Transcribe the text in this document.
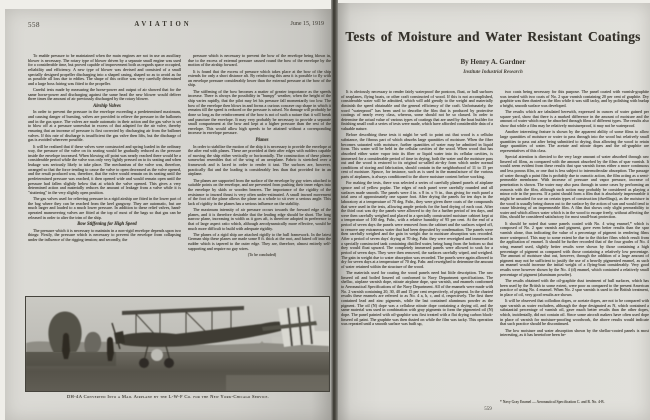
558	AVIATION	June 15, 1919

To enable pressure to be maintained when the main engines are not in use an auxiliary blower is necessary. The rotary type of blower driven by a separate small engine was used for a considerable time, but proved capable of improvement both as regards space occupied, reliability and efficiency. A new type of blower was devised and consisted of a small specially designed propeller discharging into a shaped casing, shaped so as to avoid as far as possible all loss due to eddies. The shape of this orifice was very carefully determined and a large boss fairing was fitted to the propeller.

Careful tests made by measuring the horse-power and output of air showed that for the same horse-power and discharging against the same head the new blower would deliver three times the amount of air previously discharged by the rotary blower.

Airship Valves

In order to prevent the pressure in the envelope exceeding a predetermined maximum, and causing danger of bursting, valves are provided to relieve the pressure in the ballonets and in the gas space. The valves are made automatic in their action and the gas valve is set to blow off at a pressure somewhat in excess of that adapted for the air valve, thereby ensuring that an increase of pressure is first corrected by discharging air from the ballonet valves. If this rate of discharge is insufficient the gas valve then lifts, but the discharge of gas is avoided wherever possible.

It will be realized that if these valves were constructed and spring loaded in the ordinary way, the pressure of the valve on its seating would be gradually reduced as the pressure inside the envelope increased. When blowing off point was nearly reached there would be a considerable period while the valve was only very lightly pressed on to its seating and when leakage was seriously likely to take place. The mechanism of the valve was, therefore, arranged so that the force tending to cause the valve to open decreased as the valve opened, and the result produced was, therefore, that the valve would remain on its seating until the predetermined pressure was reached, it then opened wide and would remain open until the pressure had fallen slightly below that at which the valve opened. This gives a very determined action and materially reduces the amount of leakage from a valve while it is "stuttering" in the very slightly open position.

The gas valves used for relieving pressure in a rigid airship are fitted in the lower part of the bag where they can be reached from the keel gangway. They are automatic, but are much larger and loaded to a much lower pressure. In addition to these relief valves, hand-operated maneuvering valves are fitted at the top of most of the bags so that gas can be released in order to alter the trim of the ship.

Bow Stiffening for High Speed

The pressure which it is necessary to maintain in a non-rigid envelope depends upon two things: Firstly, the pressure which is necessary to prevent the envelope from collapsing under the influence of the rigging tension; and secondly, the

pressure which is necessary to prevent the bow of the envelope being blown in, due to the excess of external pressure caused round the bow of the envelope by the motion of the airship forward.

It is found that the excess of pressure which takes place at the bow of the ship extends for only a short distance aft. By reinforcing this area it is possible to fly with an envelope pressure considerably lower than the external pressure at the bow of the ship.

The stiffening of the bow becomes a matter of greater importance as the speeds increase. There is always the possibility in "bumpy" weather, when the height of the ship varies rapidly, that the pilot may let his pressure fall momentarily too low. The bow of the envelope then blows in and forms a curious concave cup shape in which it remains till the speed is reduced or the pressure is raised. No damage will probably be done so long as the reinforcement of the bow is not of such a nature that it will break and puncture the envelope. It may very probably be necessary to provide a separate small compartment at the bow and kept at a higher pressure than the rest of the envelope. This would allow high speeds to be attained without a corresponding increase in envelope pressure.

Planes

In order to stabilize the motion of the ship it is necessary to provide the envelope at the after end with planes. These are provided at their after edges with rudders capable of moving the ship either vertically or horizontally. The construction of these planes somewhat resembles that of the wing of an aeroplane. Fabric is stretched over a framework and is laced in order to render it taut. The surfaces are, however, practically flat and the loading is considerably less than that provided for in an airplane.

The planes are supported from the surface of the envelope by guy wires attached to suitable points on the envelope, and are prevented from pushing their inner edges into the envelope by skids or wooden bearers. The importance of the rigidity of the resistance to inward thrust is very often under-estimated. A small inward movement of the foot of the plane allows the plane as a whole to sit over a serious angle. This lack of rigidity in the planes has a serious influence on the stability.

The maximum intensity of air pressure occurs towards the forward edge of the planes, and it is therefore desirable that the leading edge should be short. The long narrow plane, increasing in width as it goes aft, is therefore adopted in preference to that of large aspect ratio which, although aerodynamically more effective, would be much more difficult to build with adequate rigidity.

The planes of a rigid ship are attached rigidly to the hull framework. In the latest German ship these planes are made some 8 ft. thick at the root, and faired off into the rudder which is tapered to the outer edge. They are, therefore, almost entirely self-supporting and require no guy wires.

(To be concluded)

DH-4A Converted Into a Mail Airplane by the L-W-F Co. for the New York-Chicago Service.
Tests of Moisture and Water Resistant Coatings
By Henry A. Gardner
Institute Industrial Research

It is obviously necessary to render fairly waterproof the pontoon, float, or hull surfaces of seaplanes, flying boats, or other craft constructed of wood. If this is not accomplished, considerable water will be admitted, which will add greatly to the weight and materially diminish the speed obtainable and the general efficiency of the craft. Unfortunately, the word "waterproof" has been used to describe the film that is produced by protective coatings of nearly every class, whereas, some should not be so classed. In order to determine the actual value of various types of coatings that are used by the boat builder for finishing small craft a series of tests were made, which have afforded considerable data of a valuable nature.

Before describing these tests it might be well to point out that wood is a cellular substance, the fibrous part of which absorbs large quantities of moisture. When the fiber becomes saturated with moisture, further quantities of water may be admitted in liquid form. This water will be held in the cellular cavities of the wood. When wood that has absorbed either water vapor into its fiber or liquid water into its cellular cavities, is immersed for a considerable period of time in drying, both the water and the moisture pass out and the wood is restored to its original so-called air-dry form which under normal conditions of storing and fabrication, should contain in the neighborhood of 11 to 15 per cent of moisture. Spruce, for instance, such as is used in the manufacture of the various parts of airplanes, is always conditioned to the above moisture content before working.

For making the tests, there was selected a series of carefully planed panels of airplane spruce and of yellow poplar. The edges of each panel were carefully rounded and all surfaces made smooth. The panels were 4 in. x 8 in. x ½ in., thus giving for each panel a total area of approximately one square foot. After drying the panels for ten days in the laboratory at a temperature of 70 deg. Fahr., they were given three coats of the compounds that were used in the tests, allowing ample periods for the hard drying of each coat. After the third coat was dry the panels were allowed to dry for a further period of ten days, and were then carefully weighed and placed in a specially constructed moisture cabinet kept at a temperature of 100 deg. Fahr., with a relative humidity of 95 per cent. At the end of a period of seven days the panels were removed from the cabinet and the surfaces wiped off, to remove any extraneous water that had been deposited by condensation. The panels were then carefully weighed and the gain in weight due to moisture absorption was recorded. After a period of seven days' drying at 70 deg. Fahr. they were reweighed and immersed in a specially constructed tank containing distilled water, being hung from the bottom so that they would float upward. The completely immersed panels were allowed to soak for a period of seven days. They were then removed, the surfaces carefully wiped, and weighed. The gain in weight due to water absorption was recorded. The panels were again allowed to dry for seven days at a temperature of 70 deg. Fahr. and reweighed to determine the amount of water retained within the structure of the wood.

The materials used for coating the wood panels need but little description. The raw linseed oil and boiled linseed oil conformed to Navy Department specifications. The shellac, airplane varnish dope, nitrate airplane dope, spar varnish, and enamels conformed to Aeronautical Specifications of the Navy Department. All of the enamels were made with No. 2 varnish containing 20, 30, 40 and 15 per cent respectively, of pigment. In the charted results these enamels are referred to as No. 4 a, b, c, and d, respectively. The first three contained lead and zinc pigments, while the last contained aluminum powder as the pigment. The oil (N) dope was a cellulose nitrate dope containing a drying oil, and the same material was used in combination with gray pigments to form the pigmented oil (N) dope. The panel painted with oil-graphite was first treated with a flat drying carbon black-linseed oil paint. The graphite was then dusted on while the film was tacky. This operation was repeated until a smooth surface was built up,

two coats being necessary for this purpose. The panel coated with varnish-graphite was treated with two coats of No. 2 spar varnish containing 20 per cent of graphite. Dry graphite was then dusted on the film while it was still tacky, and by polishing with burlap a bright, smooth surface was developed.

The results which are tabulated herewith, expressed in ounces of water gained per square yard, show that there is a marked difference in the amount of moisture and the amount of water which may be absorbed through films of different types. The results also show that while a film may be relatively moistureproof, it may not be waterproof.

Another interesting feature is shown by the apparent ability of some films to allow large quantities of moisture or water to pass through into the wood but relatively small quantities to pass out after being submitted to drying, thus allowing the wood to retain large quantities of water. The acetate and nitrate dopes and the oil-graphite are representatives of this class.

Special attention is directed to the very large amount of water absorbed through raw linseed oil films, as compared with the amount absorbed by the films of spar varnish. It would seem evident from these results that spar varnish forms either a more continuous and less porous film, or one that is less subject to intermolecular absorption. The passage of water through a paint film is probably due to osmotic action, the film acting as a semi-permeable membrane. With increase of pressure and vapor pressure, increase of penetration is shown. The water may also pass through in some cases by performing an osmosis with the film, although such action may probably be considered as playing a minor role in the process. If a paint should form a film that is absolutely impermeable it might be unsuited for use on certain types of construction (dwellings), as the moisture in the wood is usually being drawn out to the surface by the action of sun and would tend to cause blistering of an impermeable film. A film that shows only slight permeability to water and which allows water which is in the wood to escape freely, without affecting the film, should be considered satisfactory for most small-boat protection.

It should be noted that some panels coated with No. 4 wing enamel,* which is composed of No. 2 spar varnish and pigment, gave even better results than the spar varnish alone, thus indicating the value of a percentage of pigment in rendering films more waterproof. This may to some extent be due to the thicker films which result from the application of enamel. It should be further recorded that of the four grades of No. 4 wing enamel used, slightly better results were shown by those containing a high percentage of pigment as compared with those containing a relatively low percentage. The amount of moisture shut out, however, through the addition of a large amount of pigment may not be sufficient to justify the use of a heavily pigmented enamel, as such an enamel would increase the initial weight of a flying-boat considerably. Very good results were however shown by the No. 4 (d) enamel, which contained a relatively small percentage of pigment (aluminum powder).

The results obtained with the oil-graphite dust treatment of hull surfaces, which has been used by the British to some extent, were poor as compared to the present American practice of using No. 4 enamel. When No. 2 spar varnish is used in the British treatment, in place of oil, very good results are shown.

It will be observed that collodion dopes, or acetate dopes, are not to be compared with spar varnish as water excluders, although the dope designated as N, which contained a substantial percentage of varnish oil, gave much better results than the other dopes, which, incidentally, did not contain oil. Since some aircraft makers have often used dope in place of varnish for moisture-proofing woodwork, the above results would indicate that such practice should be discontinued.

The low moisture and water absorption shown by the shellac-coated panels is most interesting, as it has heretofore been be-

* Navy Gray Enamel — Aeronautical Specification C. and R. No. 4-B.
559
